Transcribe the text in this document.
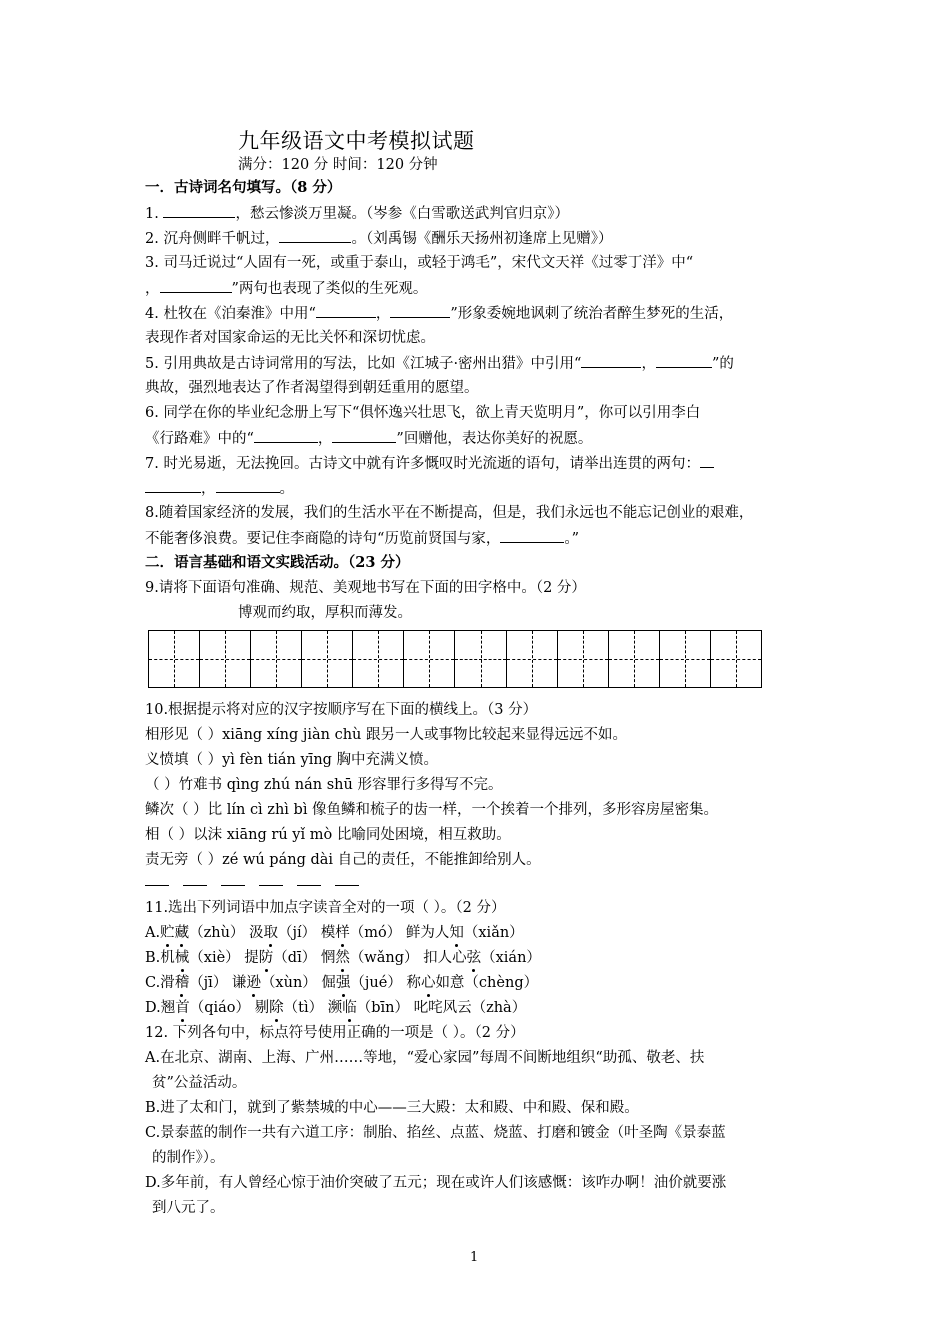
九年级语文中考模拟试题
满分：120 分 时间：120 分钟
一．古诗词名句填写。（8 分）
1.	，愁云惨淡万里凝。（岑参《白雪歌送武判官归京》）
2. 沉舟侧畔千帆过，	。（刘禹锡《酬乐天扬州初逢席上见赠》）
3. 司马迁说过“人固有一死，或重于泰山，或轻于鸿毛”，宋代文天祥《过零丁洋》中“
，	”两句也表现了类似的生死观。
4. 杜牧在《泊秦淮》中用“	，	”形象委婉地讽刺了统治者醉生梦死的生活，
表现作者对国家命运的无比关怀和深切忧虑。
5. 引用典故是古诗词常用的写法，比如《江城子·密州出猎》中引用“	，	”的
典故，强烈地表达了作者渴望得到朝廷重用的愿望。
6. 同学在你的毕业纪念册上写下“俱怀逸兴壮思飞，欲上青天览明月”，你可以引用李白
《行路难》中的“	，	”回赠他，表达你美好的祝愿。
7. 时光易逝，无法挽回。古诗文中就有许多慨叹时光流逝的语句，请举出连贯的两句：
，	。
8.随着国家经济的发展，我们的生活水平在不断提高，但是，我们永远也不能忘记创业的艰难，
不能奢侈浪费。要记住李商隐的诗句“历览前贤国与家，	。”
二．语言基础和语文实践活动。（23 分）
9.请将下面语句准确、规范、美观地书写在下面的田字格中。（2 分）
博观而约取，厚积而薄发。
10.根据提示将对应的汉字按顺序写在下面的横线上。（3 分）
相形见（ ）xiāng xíng jiàn chù 跟另一人或事物比较起来显得远远不如。
义愤填（ ）yì fèn tián yīng 胸中充满义愤。
（ ）竹难书 qìng zhú nán shū 形容罪行多得写不完。
鳞次（ ）比 lín cì zhì bì 像鱼鳞和梳子的齿一样，一个挨着一个排列，多形容房屋密集。
相（ ）以沫 xiāng rú yǐ mò 比喻同处困境，相互救助。
责无旁（ ）zé wú páng dài 自己的责任，不能推卸给别人。
11.选出下列词语中加点字读音全对的一项（ ）。（2 分）
A.贮藏（zhù） 汲取（jí） 模样（mó） 鲜为人知（xiǎn）
B.机械（xiè） 提防（dī） 惘然（wǎng） 扣人心弦（xián）
C.滑稽（jī） 谦逊（xùn） 倔强（jué） 称心如意（chèng）
D.翘首（qiáo） 剔除（tì） 濒临（bīn） 叱咤风云（zhà）
12. 下列各句中，标点符号使用正确的一项是（ ）。（2 分）
A.在北京、湖南、上海、广州……等地，“爱心家园”每周不间断地组织“助孤、敬老、扶
贫”公益活动。
B.进了太和门，就到了紫禁城的中心——三大殿：太和殿、中和殿、保和殿。
C.景泰蓝的制作一共有六道工序：制胎、掐丝、点蓝、烧蓝、打磨和镀金（叶圣陶《景泰蓝
的制作》）。
D.多年前，有人曾经心惊于油价突破了五元；现在或许人们该感慨：该咋办啊！油价就要涨
到八元了。
1
